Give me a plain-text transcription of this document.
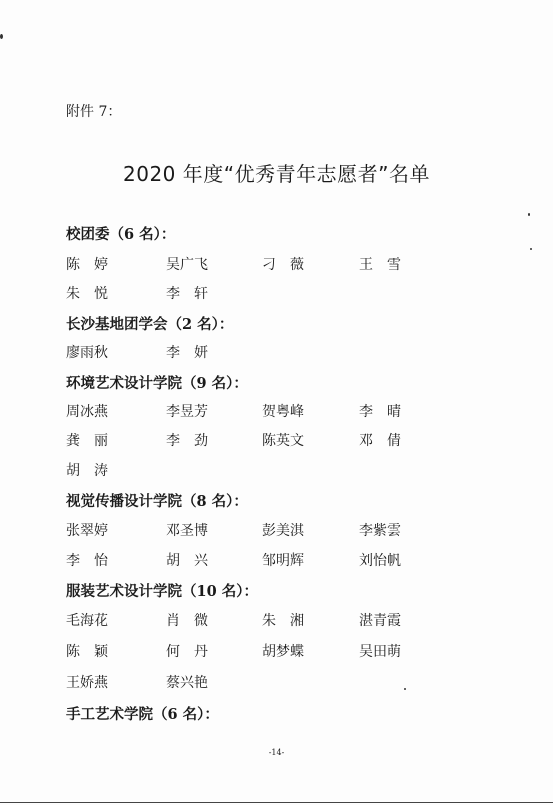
附件 7：
2020 年度“优秀青年志愿者”名单
校团委（6 名）：
陈　婷	吴广飞	刁　薇	王　雪
朱　悦	李　轩
长沙基地团学会（2 名）：
廖雨秋	李　妍
环境艺术设计学院（9 名）：
周冰燕	李昱芳	贺粤峰	李　晴
龚　丽	李　劲	陈英文	邓　倩
胡　涛
视觉传播设计学院（8 名）：
张翠婷	邓圣博	彭美淇	李紫雲
李　怡	胡　兴	邹明辉	刘怡帆
服装艺术设计学院（10 名）：
毛海花	肖　微	朱　湘	湛青霞
陈　颖	何　丹	胡梦蝶	吴田萌
王娇燕	蔡兴艳
手工艺术学院（6 名）：
-14-
